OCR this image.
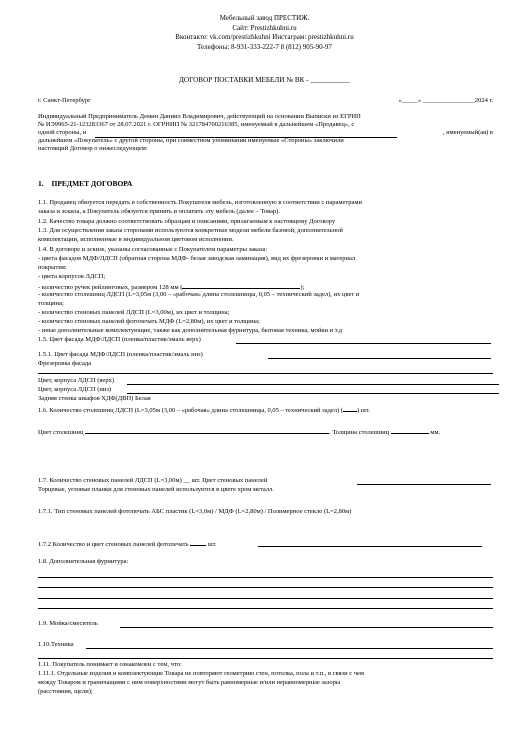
Мебельный завод ПРЕСТИЖ.
Сайт: Prestizhkuhni.ru
Вконтакте: vk.com/prestizhkuhni Инстаграм: prestizhkuhni.ru
Телефоны: 8-931-333-222-7 8 (812) 905-90-97
ДОГОВОР ПОСТАВКИ МЕБЕЛИ № ВК - ___________
г. Санкт-Петербург	«_____» ________________2024 г.
Индивидуальный Предприниматель Демин Даниил Владимирович, действующий на основании Выписки из ЕГРИП
№ ИЭ9965-21-123283367 от 28.07.2021 г. ОГРНИП № 321784700216385, именуемый в дальнейшем «Продавец», с
одной стороны, и	, именуемый(ая) в
дальнейшем «Покупатель» с другой стороны, при совместном упоминании именуемые «Стороны» заключили
настоящий Договор о нижеследующем:
1. ПРЕДМЕТ ДОГОВОРА
1.1. Продавец обязуется передать в собственность Покупателя мебель, изготовленную в соответствии с параметрами
заказа и эскиза, а Покупатель обязуется принять и оплатить эту мебель (далее – Товар).
1.2. Качество товара должно соответствовать образцам и описаниям, прилагаемым к настоящему Договору
1.3. Для осуществления заказа сторонами используются конкретные модели мебели базовой, дополнительной
комплектации, исполненные в индивидуальном цветовом исполнении.
1.4. В договоре и эскизе, указаны согласованные с Покупателем параметры заказа:
- цвета фасадов МДФ/ЛДСП (обратная сторона МДФ- белая заводская ламинация), вид их фрезеровки и материал
покрытия;
- цвета корпусов ЛДСП;
- количество ручек рейлинговых, размером 128 мм (	);
- количество столешниц ЛДСП (L=3,05м (3,00 – «рабочая» длина столешницы, 0,05 – технический задел), их цвет и
толщина;
- количество стеновых панелей ЛДСП (L=3,00м), их цвет и толщина;
- количество стеновых панелей фотопечать МДФ (L=2,80м), их цвет и толщина;
- иные дополнительные комплектующие, также как дополнительная фурнитура, бытовая техника, мойки и т.д
1.5. Цвет фасада МДФ/ЛДСП (пленка/пластик/эмаль верх)
1.5.1. Цвет фасада МДФ/ЛДСП (пленка/пластик/эмаль низ)
Фрезеровка фасада
Цвет, корпуса ЛДСП (верх)
Цвет, корпуса ЛДСП (низ)
Задняя стенка шкафов ХДФ(ДВП) Белая
1.6. Количество столешниц ЛДСП (L=3,05м (3,00 – «рабочая» длина столешницы, 0,05 – технический задел) ( ) шт.
Цвет столешниц	. Толщина столешниц	мм.
1.7. Количество стеновых панелей ЛДСП (L=3,00м) __ шт. Цвет стеновых панелей
Торцевые, угловые планки для стеновых панелей используются в цвете хром металл.
1.7.1. Тип стеновых панелей фотопечать АБС пластик (L=3,0м) / МДФ (L=2,80м) / Полимерное стекло (L=2,80м)
1.7.2 Количество и цвет стеновых панелей фотопечать	шт.
1.8. Дополнительная фурнитура:
1.9. Мойка/смеситель
1.10.Техника
1.11. Покупатель понимает и ознакомлен с тем, что:
1.11.1. Отдельные изделия и комплектующие Товара не повторяют геометрию стен, потолка, пола и т.п., в связи с чем
между Товаром и граничащими с ним поверхностями могут быть равномерные и/или неравномерные зазоры
(расстояния, щели);
